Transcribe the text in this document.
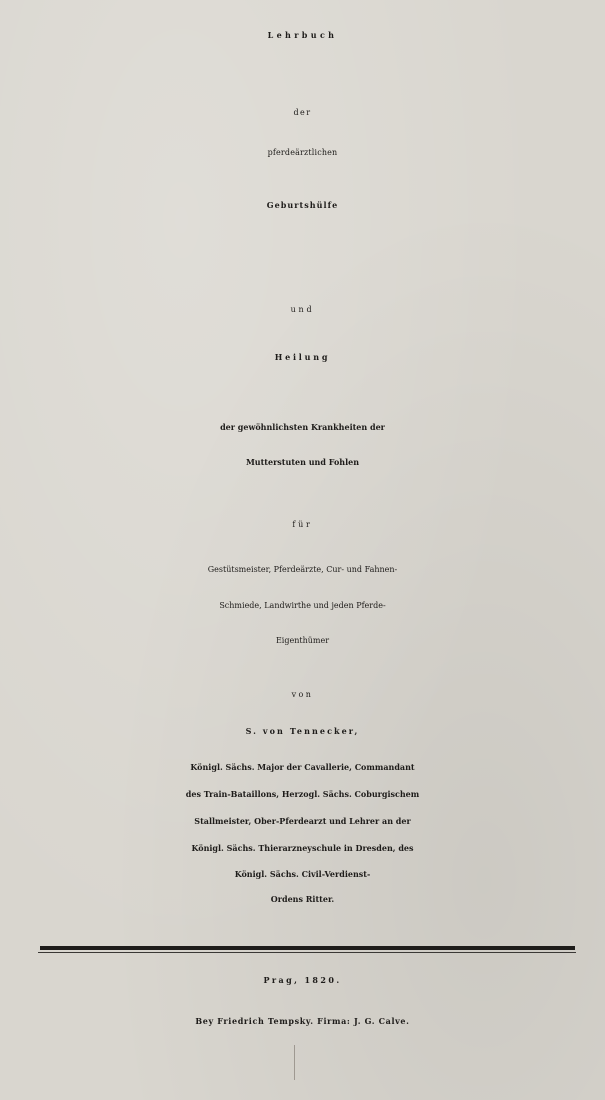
Lehrbuch
der
pferdeärztlichen
Geburtshülfe
und
Heilung
der gewöhnlichsten Krankheiten der
Mutterstuten und Fohlen
für
Gestütsmeister, Pferdeärzte, Cur- und Fahnen-
Schmiede, Landwirthe und jeden Pferde-
Eigenthümer
von
S. von Tennecker,
Königl. Sächs. Major der Cavallerie, Commandant
des Train-Bataillons, Herzogl. Sächs. Coburgischem
Stallmeister, Ober-Pferdearzt und Lehrer an der
Königl. Sächs. Thierarzneyschule in Dresden, des
Königl. Sächs. Civil-Verdienst-
Ordens Ritter.
Prag, 1820.
Bey Friedrich Tempsky. Firma: J. G. Calve.
